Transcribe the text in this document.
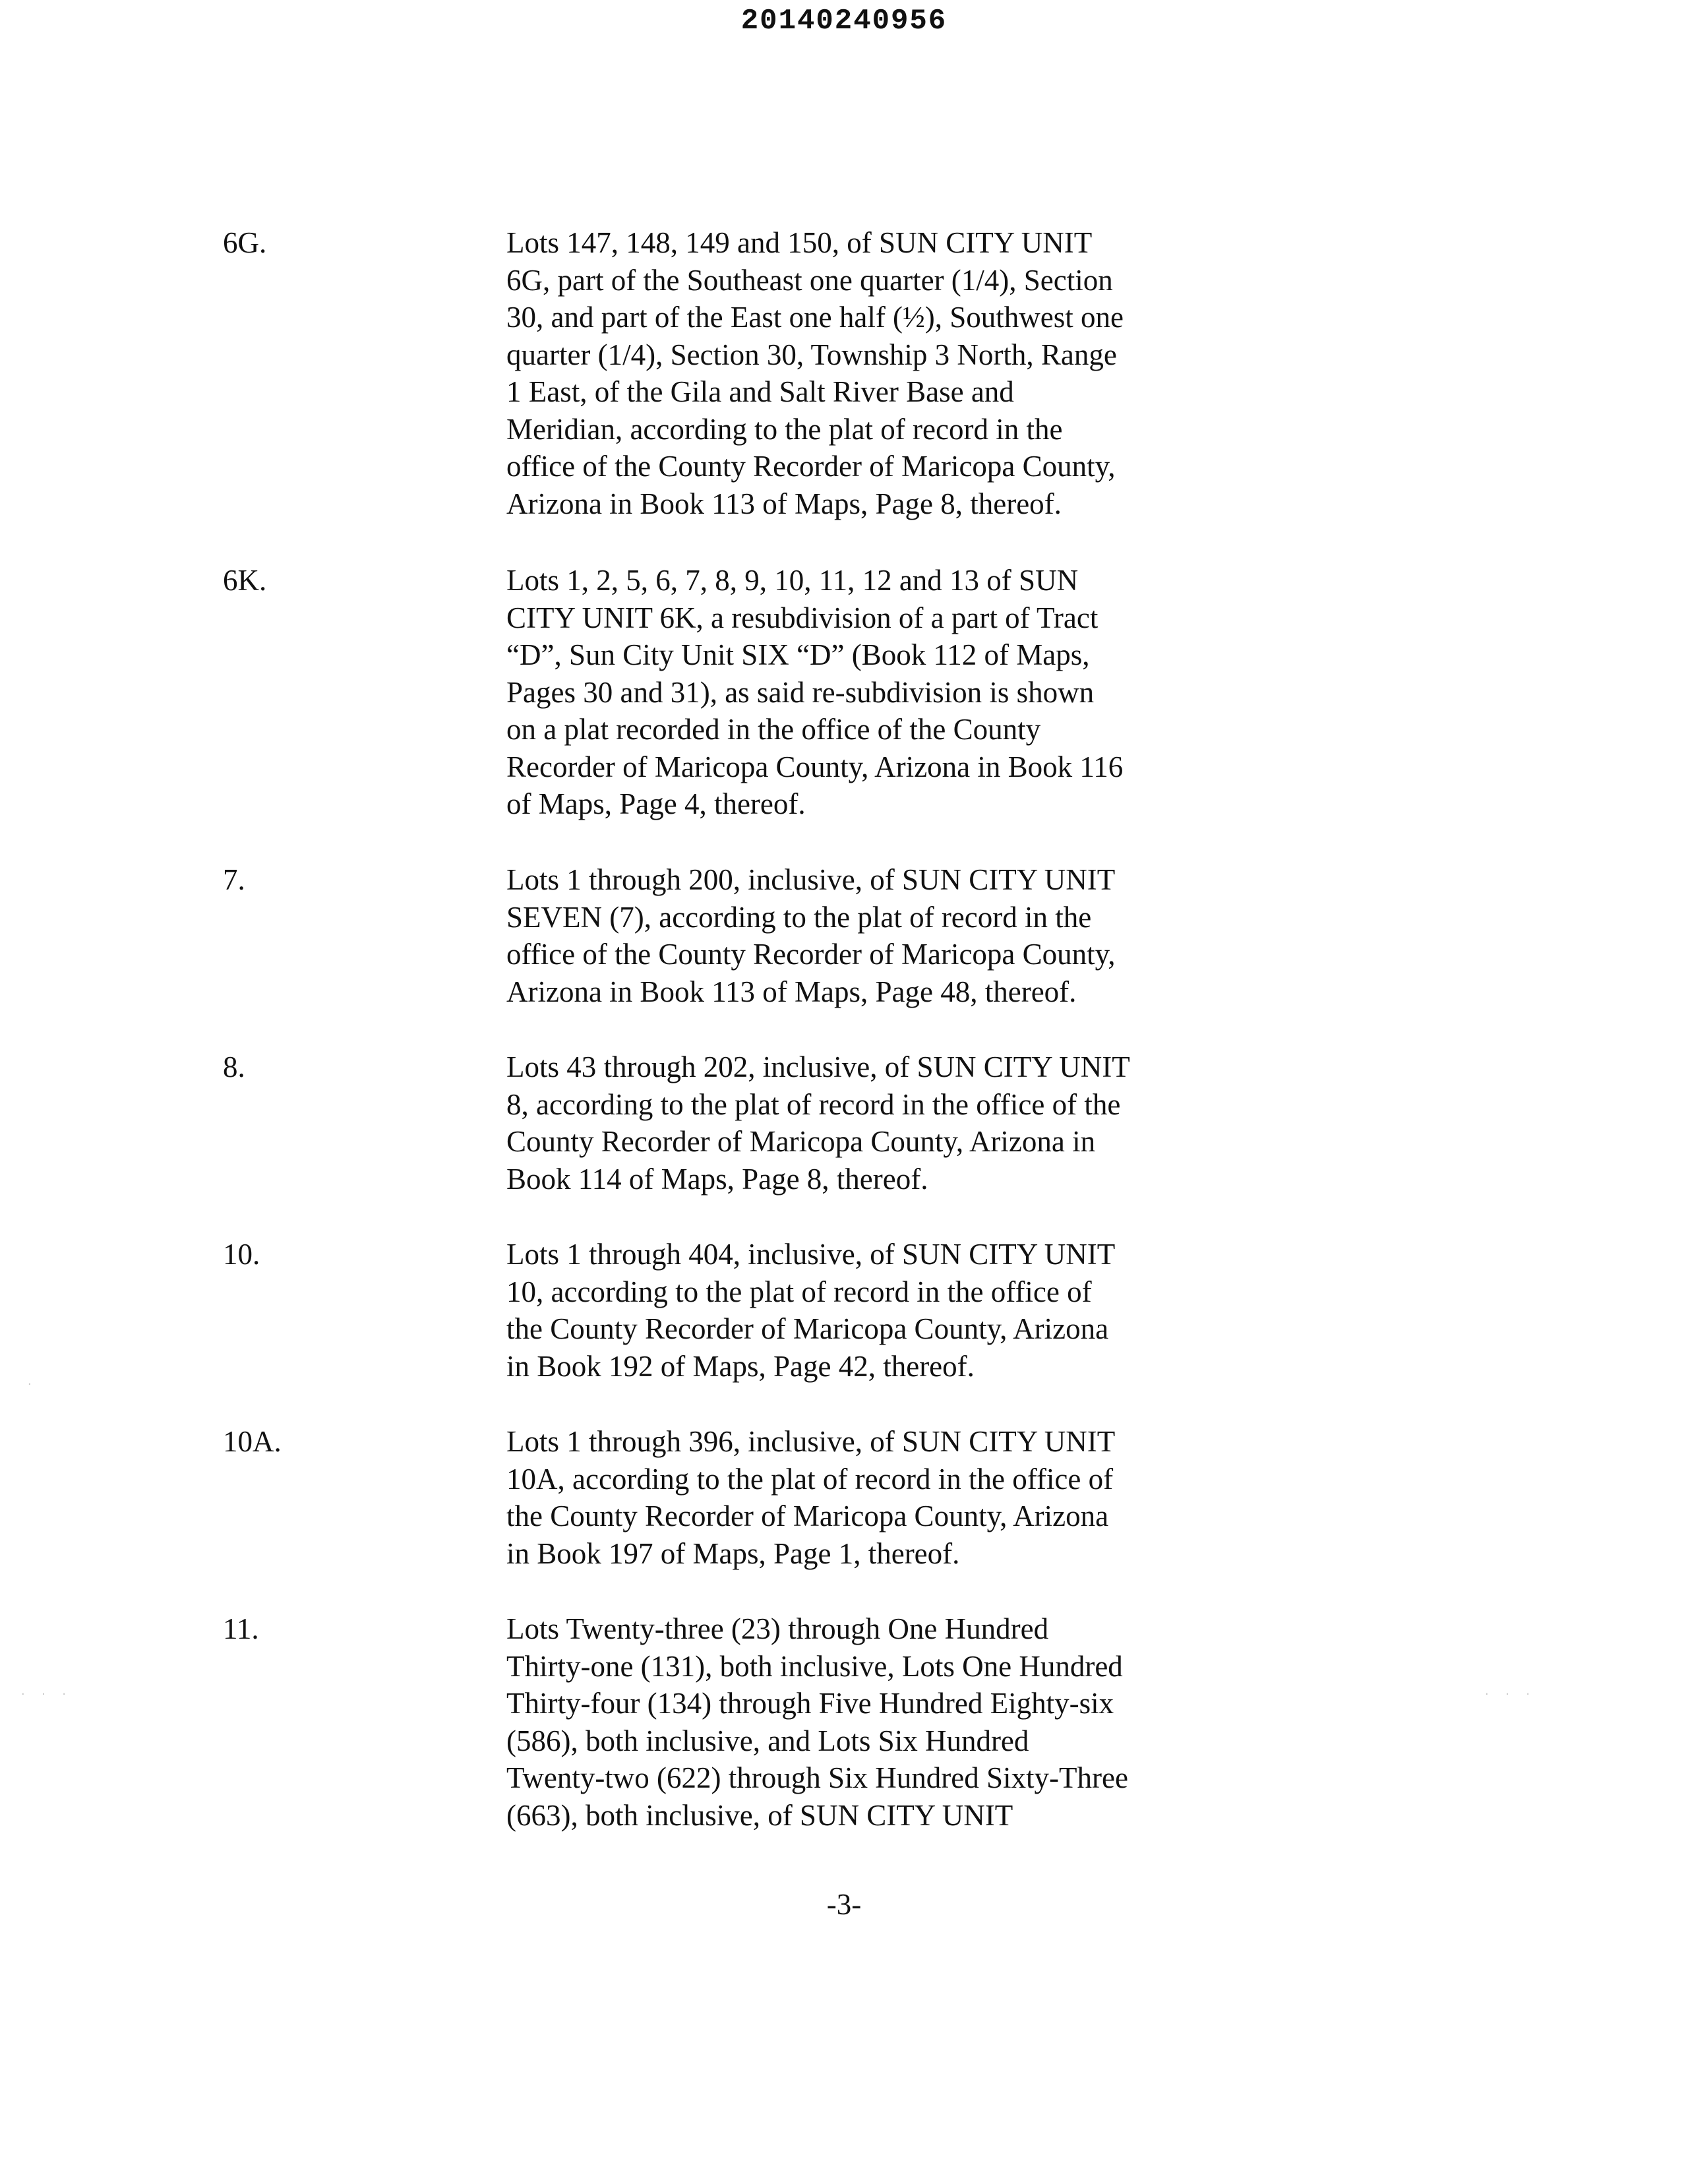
20140240956
6G.	Lots 147, 148, 149 and 150, of SUN CITY UNIT
6G, part of the Southeast one quarter (1/4), Section
30, and part of the East one half (½), Southwest one
quarter (1/4), Section 30, Township 3 North, Range
1 East, of the Gila and Salt River Base and
Meridian, according to the plat of record in the
office of the County Recorder of Maricopa County,
Arizona in Book 113 of Maps, Page 8, thereof.
6K.	Lots 1, 2, 5, 6, 7, 8, 9, 10, 11, 12 and 13 of SUN
CITY UNIT 6K, a resubdivision of a part of Tract
“D”, Sun City Unit SIX “D” (Book 112 of Maps,
Pages 30 and 31), as said re-subdivision is shown
on a plat recorded in the office of the County
Recorder of Maricopa County, Arizona in Book 116
of Maps, Page 4, thereof.
7.	Lots 1 through 200, inclusive, of SUN CITY UNIT
SEVEN (7), according to the plat of record in the
office of the County Recorder of Maricopa County,
Arizona in Book 113 of Maps, Page 48, thereof.
8.	Lots 43 through 202, inclusive, of SUN CITY UNIT
8, according to the plat of record in the office of the
County Recorder of Maricopa County, Arizona in
Book 114 of Maps, Page 8, thereof.
10.	Lots 1 through 404, inclusive, of SUN CITY UNIT
10, according to the plat of record in the office of
the County Recorder of Maricopa County, Arizona
in Book 192 of Maps, Page 42, thereof.
10A.	Lots 1 through 396, inclusive, of SUN CITY UNIT
10A, according to the plat of record in the office of
the County Recorder of Maricopa County, Arizona
in Book 197 of Maps, Page 1, thereof.
11.	Lots Twenty-three (23) through One Hundred
Thirty-one (131), both inclusive, Lots One Hundred
Thirty-four (134) through Five Hundred Eighty-six
(586), both inclusive, and Lots Six Hundred
Twenty-two (622) through Six Hundred Sixty-Three
(663), both inclusive, of SUN CITY UNIT
-3-
· · ·	· · ·
·
